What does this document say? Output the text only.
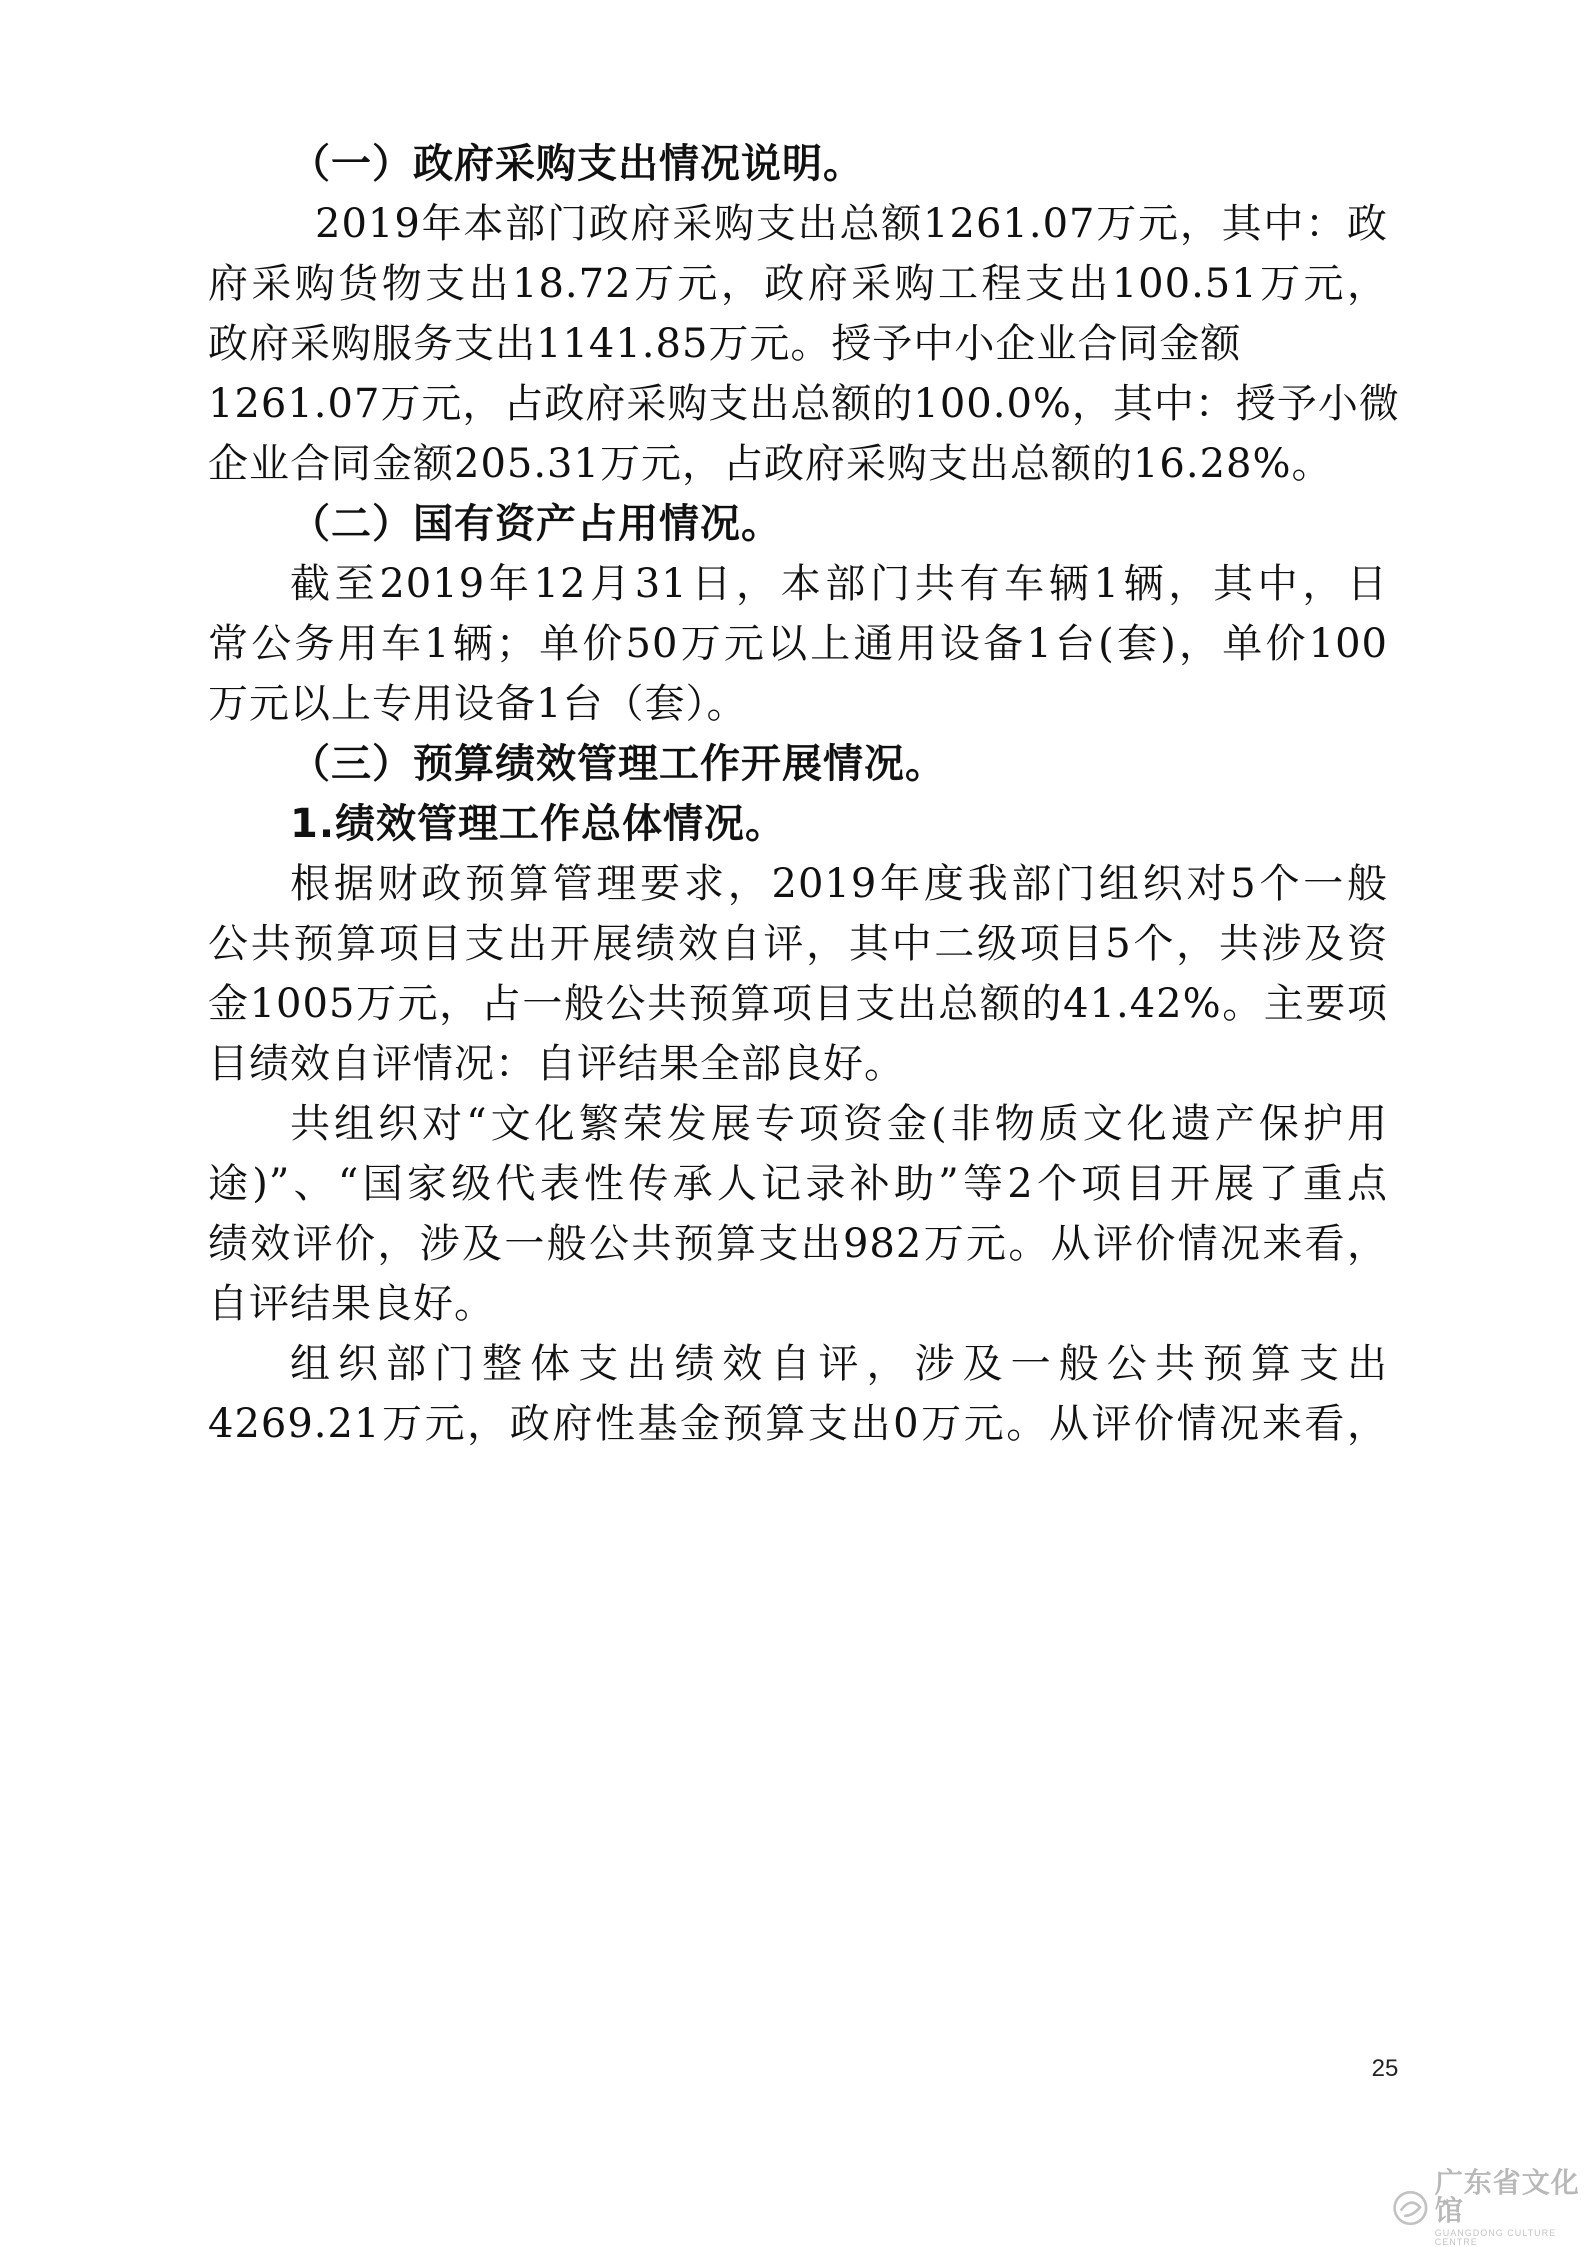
（一）政府采购支出情况说明。
2019年本部门政府采购支出总额1261.07万元，其中：政
府采购货物支出18.72万元，政府采购工程支出100.51万元，
政府采购服务支出1141.85万元。授予中小企业合同金额
1261.07万元，占政府采购支出总额的100.0%，其中：授予小微
企业合同金额205.31万元，占政府采购支出总额的16.28%。
（二）国有资产占用情况。
截至2019年12月31日，本部门共有车辆1辆，其中，日
常公务用车1辆；单价50万元以上通用设备1台(套)，单价100
万元以上专用设备1台（套）。
（三）预算绩效管理工作开展情况。
1.绩效管理工作总体情况。
根据财政预算管理要求，2019年度我部门组织对5个一般
公共预算项目支出开展绩效自评，其中二级项目5个，共涉及资
金1005万元，占一般公共预算项目支出总额的41.42%。主要项
目绩效自评情况：自评结果全部良好。
共组织对“文化繁荣发展专项资金(非物质文化遗产保护用
途)”、“国家级代表性传承人记录补助”等2个项目开展了重点
绩效评价，涉及一般公共预算支出982万元。从评价情况来看，
自评结果良好。
组织部门整体支出绩效自评，涉及一般公共预算支出
4269.21万元，政府性基金预算支出0万元。从评价情况来看，
25
广东省文化馆
GUANGDONG CULTURE CENTRE
